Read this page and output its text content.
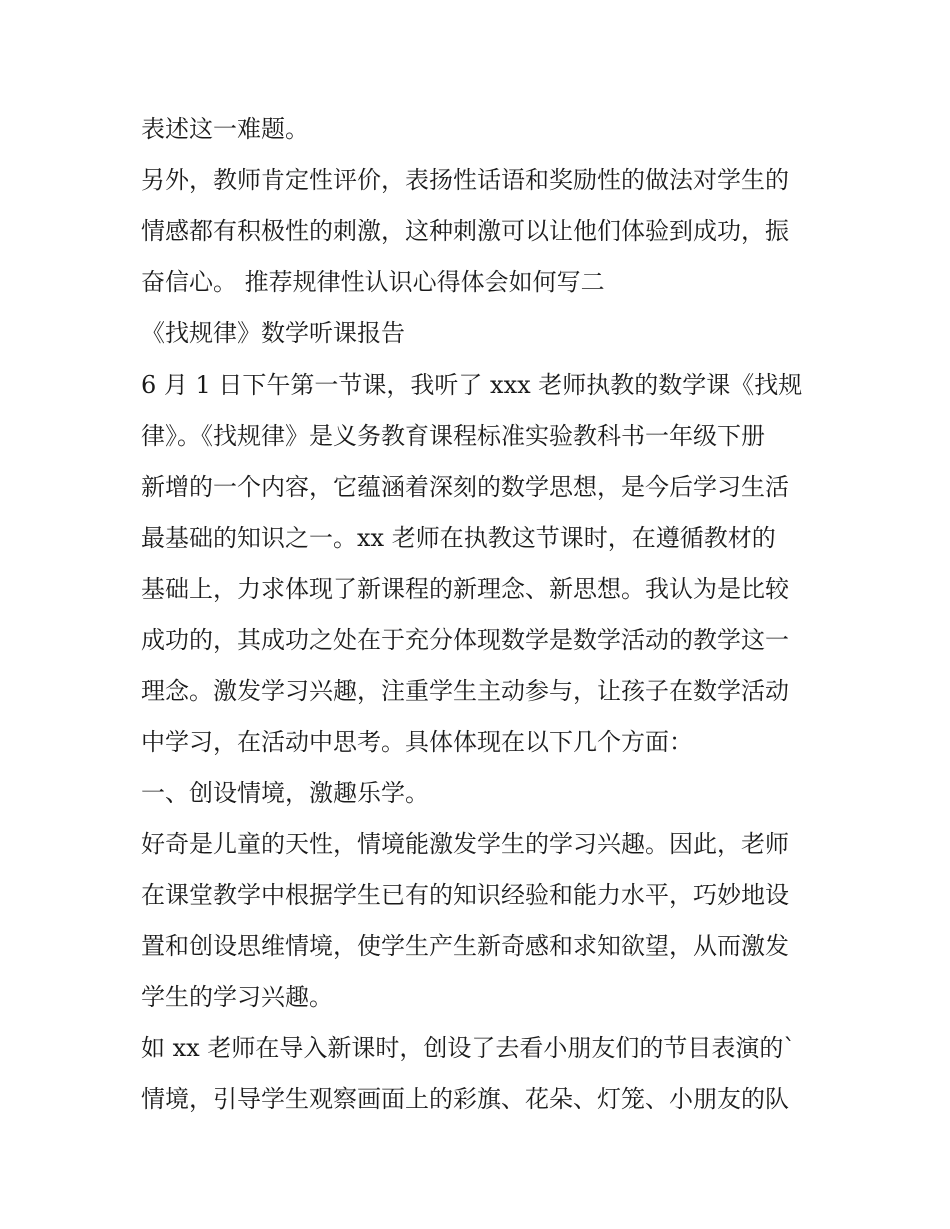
表述这一难题。

另外，教师肯定性评价，表扬性话语和奖励性的做法对学生的

情感都有积极性的刺激，这种刺激可以让他们体验到成功，振

奋信心。 推荐规律性认识心得体会如何写二

《找规律》数学听课报告

6 月 1 日下午第一节课，我听了 xxx 老师执教的数学课《找规

律》。《找规律》是义务教育课程标准实验教科书一年级下册

新增的一个内容，它蕴涵着深刻的数学思想，是今后学习生活

最基础的知识之一。xx 老师在执教这节课时，在遵循教材的

基础上，力求体现了新课程的新理念、新思想。我认为是比较

成功的，其成功之处在于充分体现数学是数学活动的教学这一

理念。激发学习兴趣，注重学生主动参与，让孩子在数学活动

中学习，在活动中思考。具体体现在以下几个方面：

一、创设情境，激趣乐学。

好奇是儿童的天性，情境能激发学生的学习兴趣。因此，老师

在课堂教学中根据学生已有的知识经验和能力水平，巧妙地设

置和创设思维情境，使学生产生新奇感和求知欲望，从而激发

学生的学习兴趣。

如 xx 老师在导入新课时，创设了去看小朋友们的节目表演的`

情境，引导学生观察画面上的彩旗、花朵、灯笼、小朋友的队
